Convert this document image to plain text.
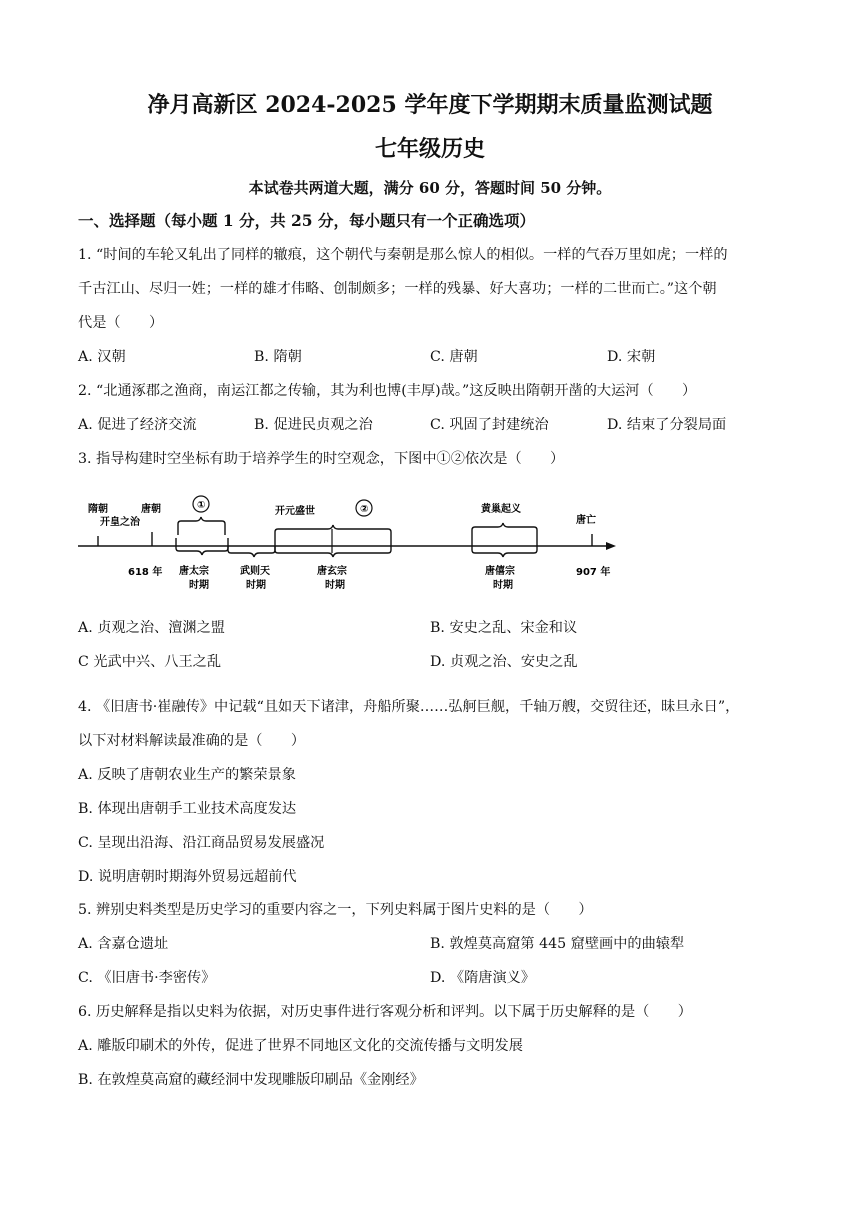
净月高新区 2024-2025 学年度下学期期末质量监测试题
七年级历史
本试卷共两道大题，满分 60 分，答题时间 50 分钟。
一、选择题（每小题 1 分，共 25 分，每小题只有一个正确选项）
1. “时间的车轮又轧出了同样的辙痕，这个朝代与秦朝是那么惊人的相似。一样的气吞万里如虎；一样的
千古江山、尽归一姓；一样的雄才伟略、创制颇多；一样的残暴、好大喜功；一样的二世而亡。”这个朝
代是（　　）
A. 汉朝	B. 隋朝	C. 唐朝	D. 宋朝
2. “北通涿郡之渔商，南运江都之传输，其为利也博(丰厚)哉。”这反映出隋朝开凿的大运河（　　）
A. 促进了经济交流	B. 促进民贞观之治	C. 巩固了封建统治	D. 结束了分裂局面
3. 指导构建时空坐标有助于培养学生的时空观念，下图中①②依次是（　　）
隋朝
开皇之治
唐朝	①
开元盛世	②	黄巢起义
唐亡
618 年 唐太宗
时期
武则天
时期
唐玄宗
时期
唐僖宗
时期
907 年
A. 贞观之治、澶渊之盟	B. 安史之乱、宋金和议
C 光武中兴、八王之乱	D. 贞观之治、安史之乱
4. 《旧唐书·崔融传》中记载“且如天下诸津，舟船所聚……弘舸巨舰，千轴万艘，交贸往还，昧旦永日”，
以下对材料解读最准确的是（　　）
A. 反映了唐朝农业生产的繁荣景象
B. 体现出唐朝手工业技术高度发达
C. 呈现出沿海、沿江商品贸易发展盛况
D. 说明唐朝时期海外贸易远超前代
5. 辨别史料类型是历史学习的重要内容之一，下列史料属于图片史料的是（　　）
A. 含嘉仓遗址	B. 敦煌莫高窟第 445 窟壁画中的曲辕犁
C. 《旧唐书·李密传》	D. 《隋唐演义》
6. 历史解释是指以史料为依据，对历史事件进行客观分析和评判。以下属于历史解释的是（　　）
A. 雕版印刷术的外传，促进了世界不同地区文化的交流传播与文明发展
B. 在敦煌莫高窟的藏经洞中发现雕版印刷品《金刚经》
